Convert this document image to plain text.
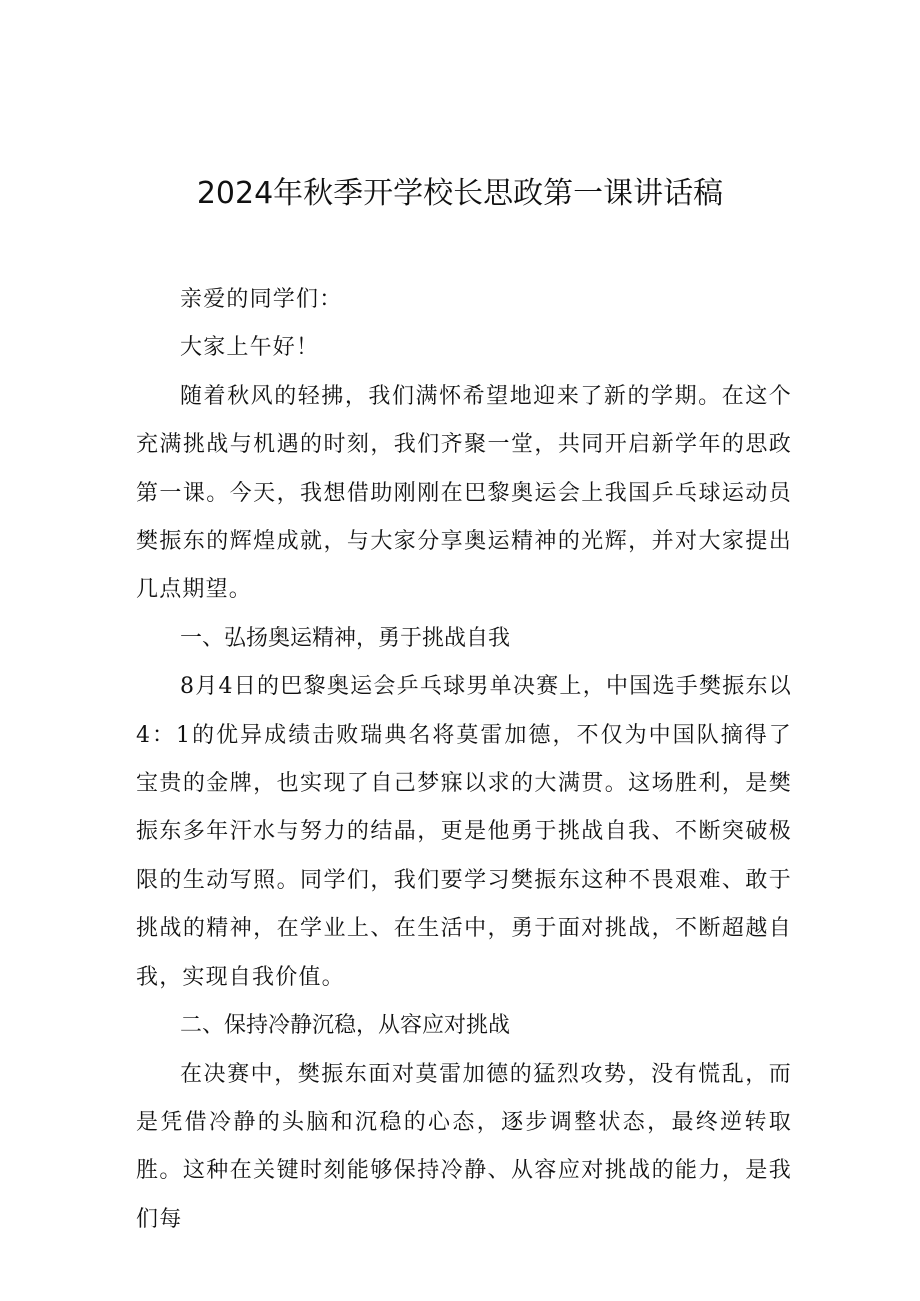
2024年秋季开学校长思政第一课讲话稿

亲爱的同学们：

大家上午好！

随着秋风的轻拂，我们满怀希望地迎来了新的学期。在这个充满挑战与机遇的时刻，我们齐聚一堂，共同开启新学年的思政第一课。今天，我想借助刚刚在巴黎奥运会上我国乒乓球运动员樊振东的辉煌成就，与大家分享奥运精神的光辉，并对大家提出几点期望。

一、弘扬奥运精神，勇于挑战自我

8月4日的巴黎奥运会乒乓球男单决赛上，中国选手樊振东以4：1的优异成绩击败瑞典名将莫雷加德，不仅为中国队摘得了宝贵的金牌，也实现了自己梦寐以求的大满贯。这场胜利，是樊振东多年汗水与努力的结晶，更是他勇于挑战自我、不断突破极限的生动写照。同学们，我们要学习樊振东这种不畏艰难、敢于挑战的精神，在学业上、在生活中，勇于面对挑战，不断超越自我，实现自我价值。

二、保持冷静沉稳，从容应对挑战

在决赛中，樊振东面对莫雷加德的猛烈攻势，没有慌乱，而是凭借冷静的头脑和沉稳的心态，逐步调整状态，最终逆转取胜。这种在关键时刻能够保持冷静、从容应对挑战的能力，是我们每
